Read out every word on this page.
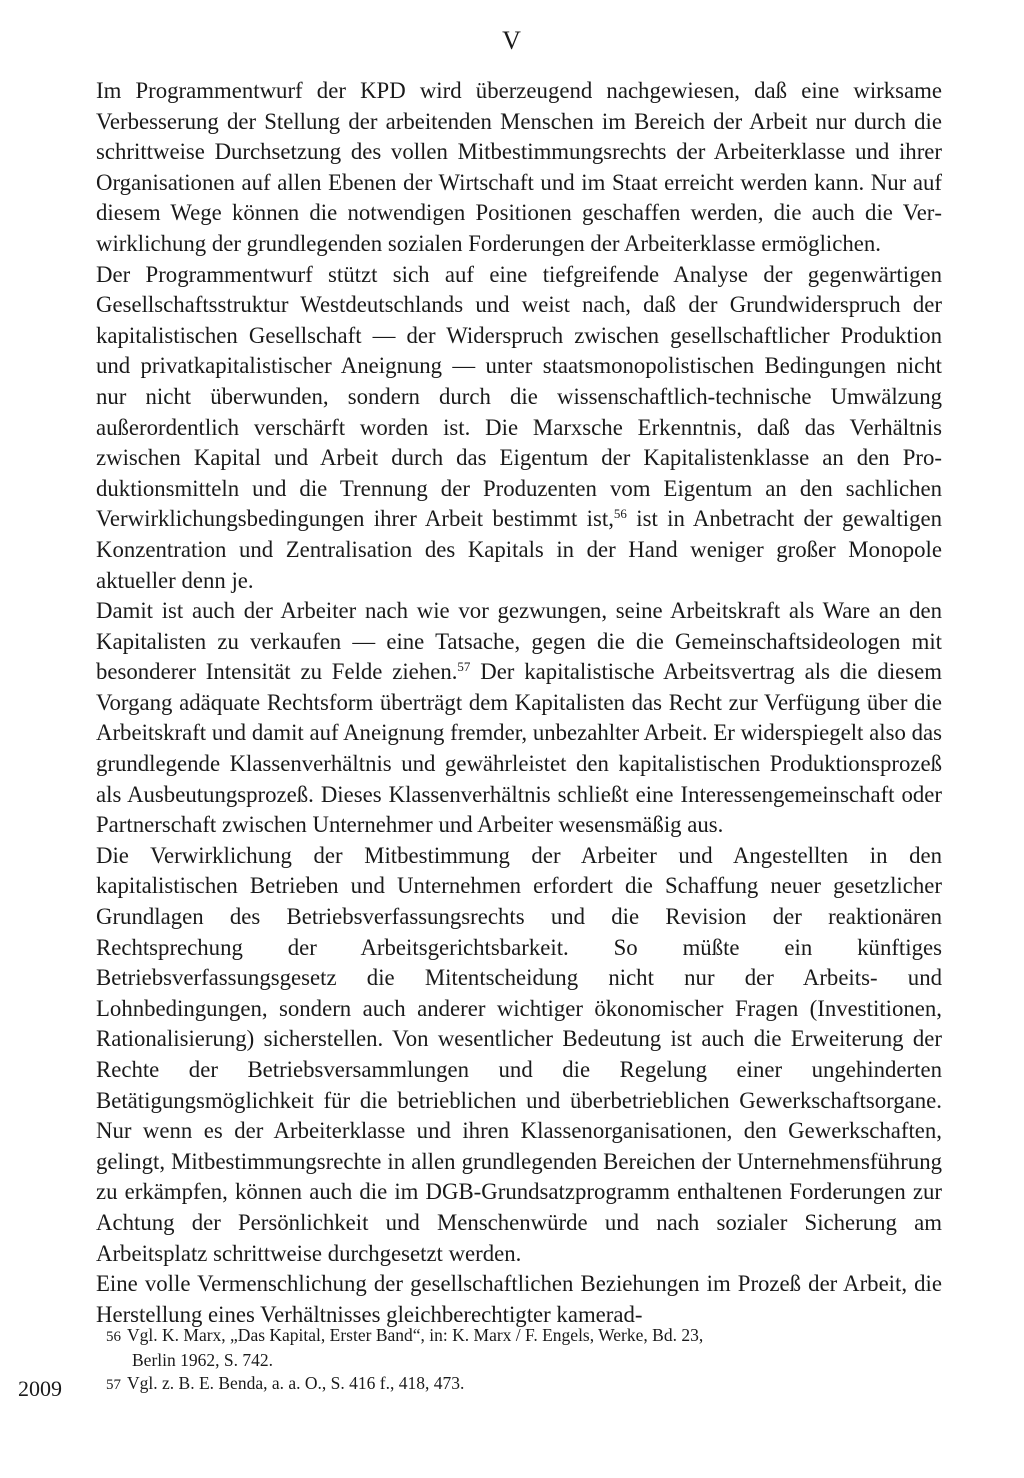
V

Im Programmentwurf der KPD wird überzeugend nachgewiesen, daß eine wirksame Verbesserung der Stellung der arbeitenden Menschen im Bereich der Arbeit nur durch die schrittweise Durchsetzung des vollen Mitbestimmungsrechts der Arbeiterklasse und ihrer Organisationen auf allen Ebenen der Wirtschaft und im Staat erreicht werden kann. Nur auf diesem Wege können die notwendigen Positionen geschaffen werden, die auch die Verwirklichung der grundlegenden sozialen Forderungen der Arbeiterklasse ermöglichen.

Der Programmentwurf stützt sich auf eine tiefgreifende Analyse der gegenwärtigen Gesellschaftsstruktur Westdeutschlands und weist nach, daß der Grundwiderspruch der kapitalistischen Gesellschaft — der Widerspruch zwischen gesellschaftlicher Produktion und privatkapitalistischer Aneignung — unter staatsmonopolistischen Bedingungen nicht nur nicht überwunden, sondern durch die wissenschaftlich-technische Umwälzung außerordentlich verschärft worden ist. Die Marxsche Erkenntnis, daß das Verhältnis zwischen Kapital und Arbeit durch das Eigentum der Kapitalistenklasse an den Produktionsmitteln und die Trennung der Produzenten vom Eigentum an den sachlichen Verwirklichungsbedingungen ihrer Arbeit bestimmt ist,$^{56}$ ist in Anbetracht der gewaltigen Konzentration und Zentralisation des Kapitals in der Hand weniger großer Monopole aktueller denn je.

Damit ist auch der Arbeiter nach wie vor gezwungen, seine Arbeitskraft als Ware an den Kapitalisten zu verkaufen — eine Tatsache, gegen die die Gemeinschaftsideologen mit besonderer Intensität zu Felde ziehen.$^{57}$ Der kapitalistische Arbeitsvertrag als die diesem Vorgang adäquate Rechtsform überträgt dem Kapitalisten das Recht zur Verfügung über die Arbeitskraft und damit auf Aneignung fremder, unbezahlter Arbeit. Er widerspiegelt also das grundlegende Klassenverhältnis und gewährleistet den kapitalistischen Produktionsprozeß als Ausbeutungsprozeß. Dieses Klassenverhältnis schließt eine Interessengemeinschaft oder Partnerschaft zwischen Unternehmer und Arbeiter wesensmäßig aus.

Die Verwirklichung der Mitbestimmung der Arbeiter und Angestellten in den kapitalistischen Betrieben und Unternehmen erfordert die Schaffung neuer gesetzlicher Grundlagen des Betriebsverfassungsrechts und die Revision der reaktionären Rechtsprechung der Arbeitsgerichtsbarkeit. So müßte ein künftiges Betriebsverfassungsgesetz die Mitentscheidung nicht nur der Arbeits- und Lohnbedingungen, sondern auch anderer wichtiger ökonomischer Fragen (Investitionen, Rationalisierung) sicherstellen. Von wesentlicher Bedeutung ist auch die Erweiterung der Rechte der Betriebsversammlungen und die Regelung einer ungehinderten Betätigungsmöglichkeit für die betrieblichen und überbetrieblichen Gewerkschaftsorgane. Nur wenn es der Arbeiterklasse und ihren Klassenorganisationen, den Gewerkschaften, gelingt, Mitbestimmungsrechte in allen grundlegenden Bereichen der Unternehmensführung zu erkämpfen, können auch die im DGB-Grundsatzprogramm enthaltenen Forderungen zur Achtung der Persönlichkeit und Menschenwürde und nach sozialer Sicherung am Arbeitsplatz schrittweise durchgesetzt werden.

Eine volle Vermenschlichung der gesellschaftlichen Beziehungen im Prozeß der Arbeit, die Herstellung eines Verhältnisses gleichberechtigter kamerad-

56 Vgl. K. Marx, „Das Kapital, Erster Band“, in: K. Marx / F. Engels, Werke, Bd. 23,
Berlin 1962, S. 742.

57 Vgl. z. B. E. Benda, a. a. O., S. 416 f., 418, 473.

2009
